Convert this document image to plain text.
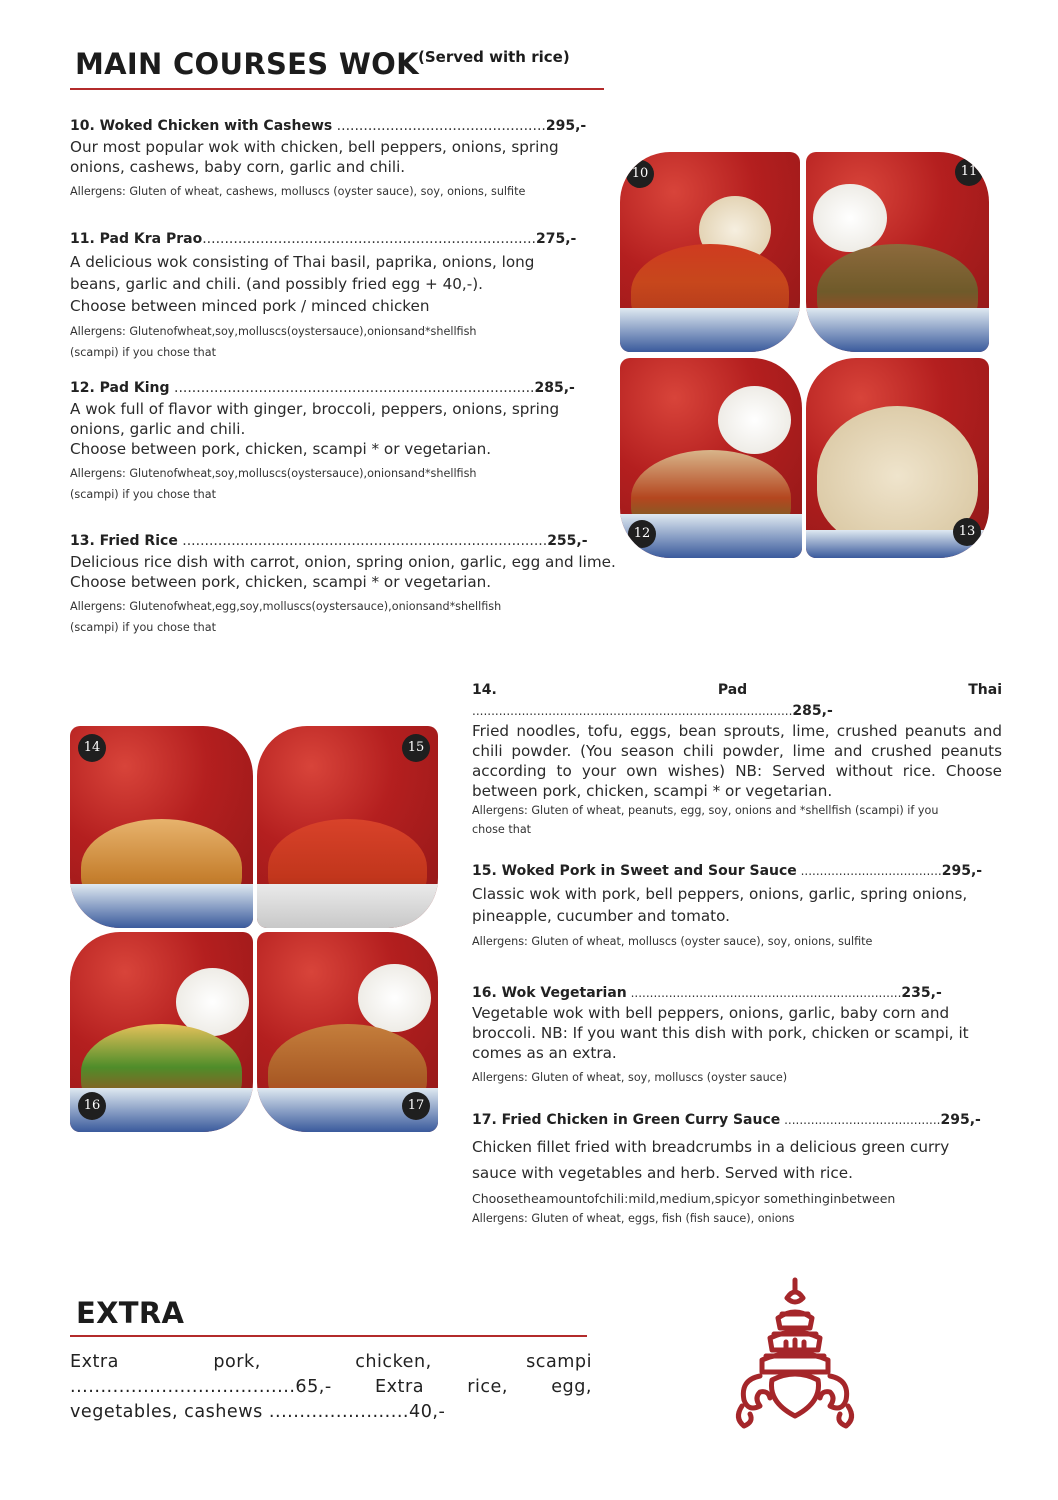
MAIN COURSES WOK (Served with rice)
10. Woked Chicken with Cashews ...............................................295,-
Our most popular wok with chicken, bell peppers, onions, spring
onions, cashews, baby corn, garlic and chili.
Allergens: Gluten of wheat, cashews, molluscs (oyster sauce), soy, onions, sulfite
11. Pad Kra Prao...........................................................................275,-
A delicious wok consisting of Thai basil, paprika, onions, long
beans, garlic and chili. (and possibly fried egg + 40,-).
Choose between minced pork / minced chicken
Allergens: Glutenofwheat,soy,molluscs(oystersauce),onionsand*shellfish
(scampi) if you chose that
12. Pad King .................................................................................285,-
A wok full of flavor with ginger, broccoli, peppers, onions, spring
onions, garlic and chili.
Choose between pork, chicken, scampi * or vegetarian.
Allergens: Glutenofwheat,soy,molluscs(oystersauce),onionsand*shellfish
(scampi) if you chose that
13. Fried Rice ..................................................................................255,-
Delicious rice dish with carrot, onion, spring onion, garlic, egg and lime.
Choose between pork, chicken, scampi * or vegetarian.
Allergens: Glutenofwheat,egg,soy,molluscs(oystersauce),onionsand*shellfish
(scampi) if you chose that
10	11
12	13
14	15
16	17
14.	Pad	Thai
....................................................................................285,-
Fried noodles, tofu, eggs, bean sprouts, lime, crushed peanuts and
chili powder. (You season chili powder, lime and crushed peanuts
according to your own wishes) NB: Served without rice. Choose
between pork, chicken, scampi * or vegetarian.
Allergens: Gluten of wheat, peanuts, egg, soy, onions and *shellfish (scampi) if you
chose that
15. Woked Pork in Sweet and Sour Sauce .....................................295,-
Classic wok with pork, bell peppers, onions, garlic, spring onions,
pineapple, cucumber and tomato.
Allergens: Gluten of wheat, molluscs (oyster sauce), soy, onions, sulfite
16. Wok Vegetarian .......................................................................235,-
Vegetable wok with bell peppers, onions, garlic, baby corn and
broccoli. NB: If you want this dish with pork, chicken or scampi, it
comes as an extra.
Allergens: Gluten of wheat, soy, molluscs (oyster sauce)
17. Fried Chicken in Green Curry Sauce .........................................295,-
Chicken fillet fried with breadcrumbs in a delicious green curry
sauce with vegetables and herb. Served with rice.
Choosetheamountofchili:mild,medium,spicyor somethinginbetween
Allergens: Gluten of wheat, eggs, fish (fish sauce), onions
EXTRA
Extra	pork,	chicken,	scampi
.....................................65,- Extra rice, egg,
vegetables, cashews .......................40,-
